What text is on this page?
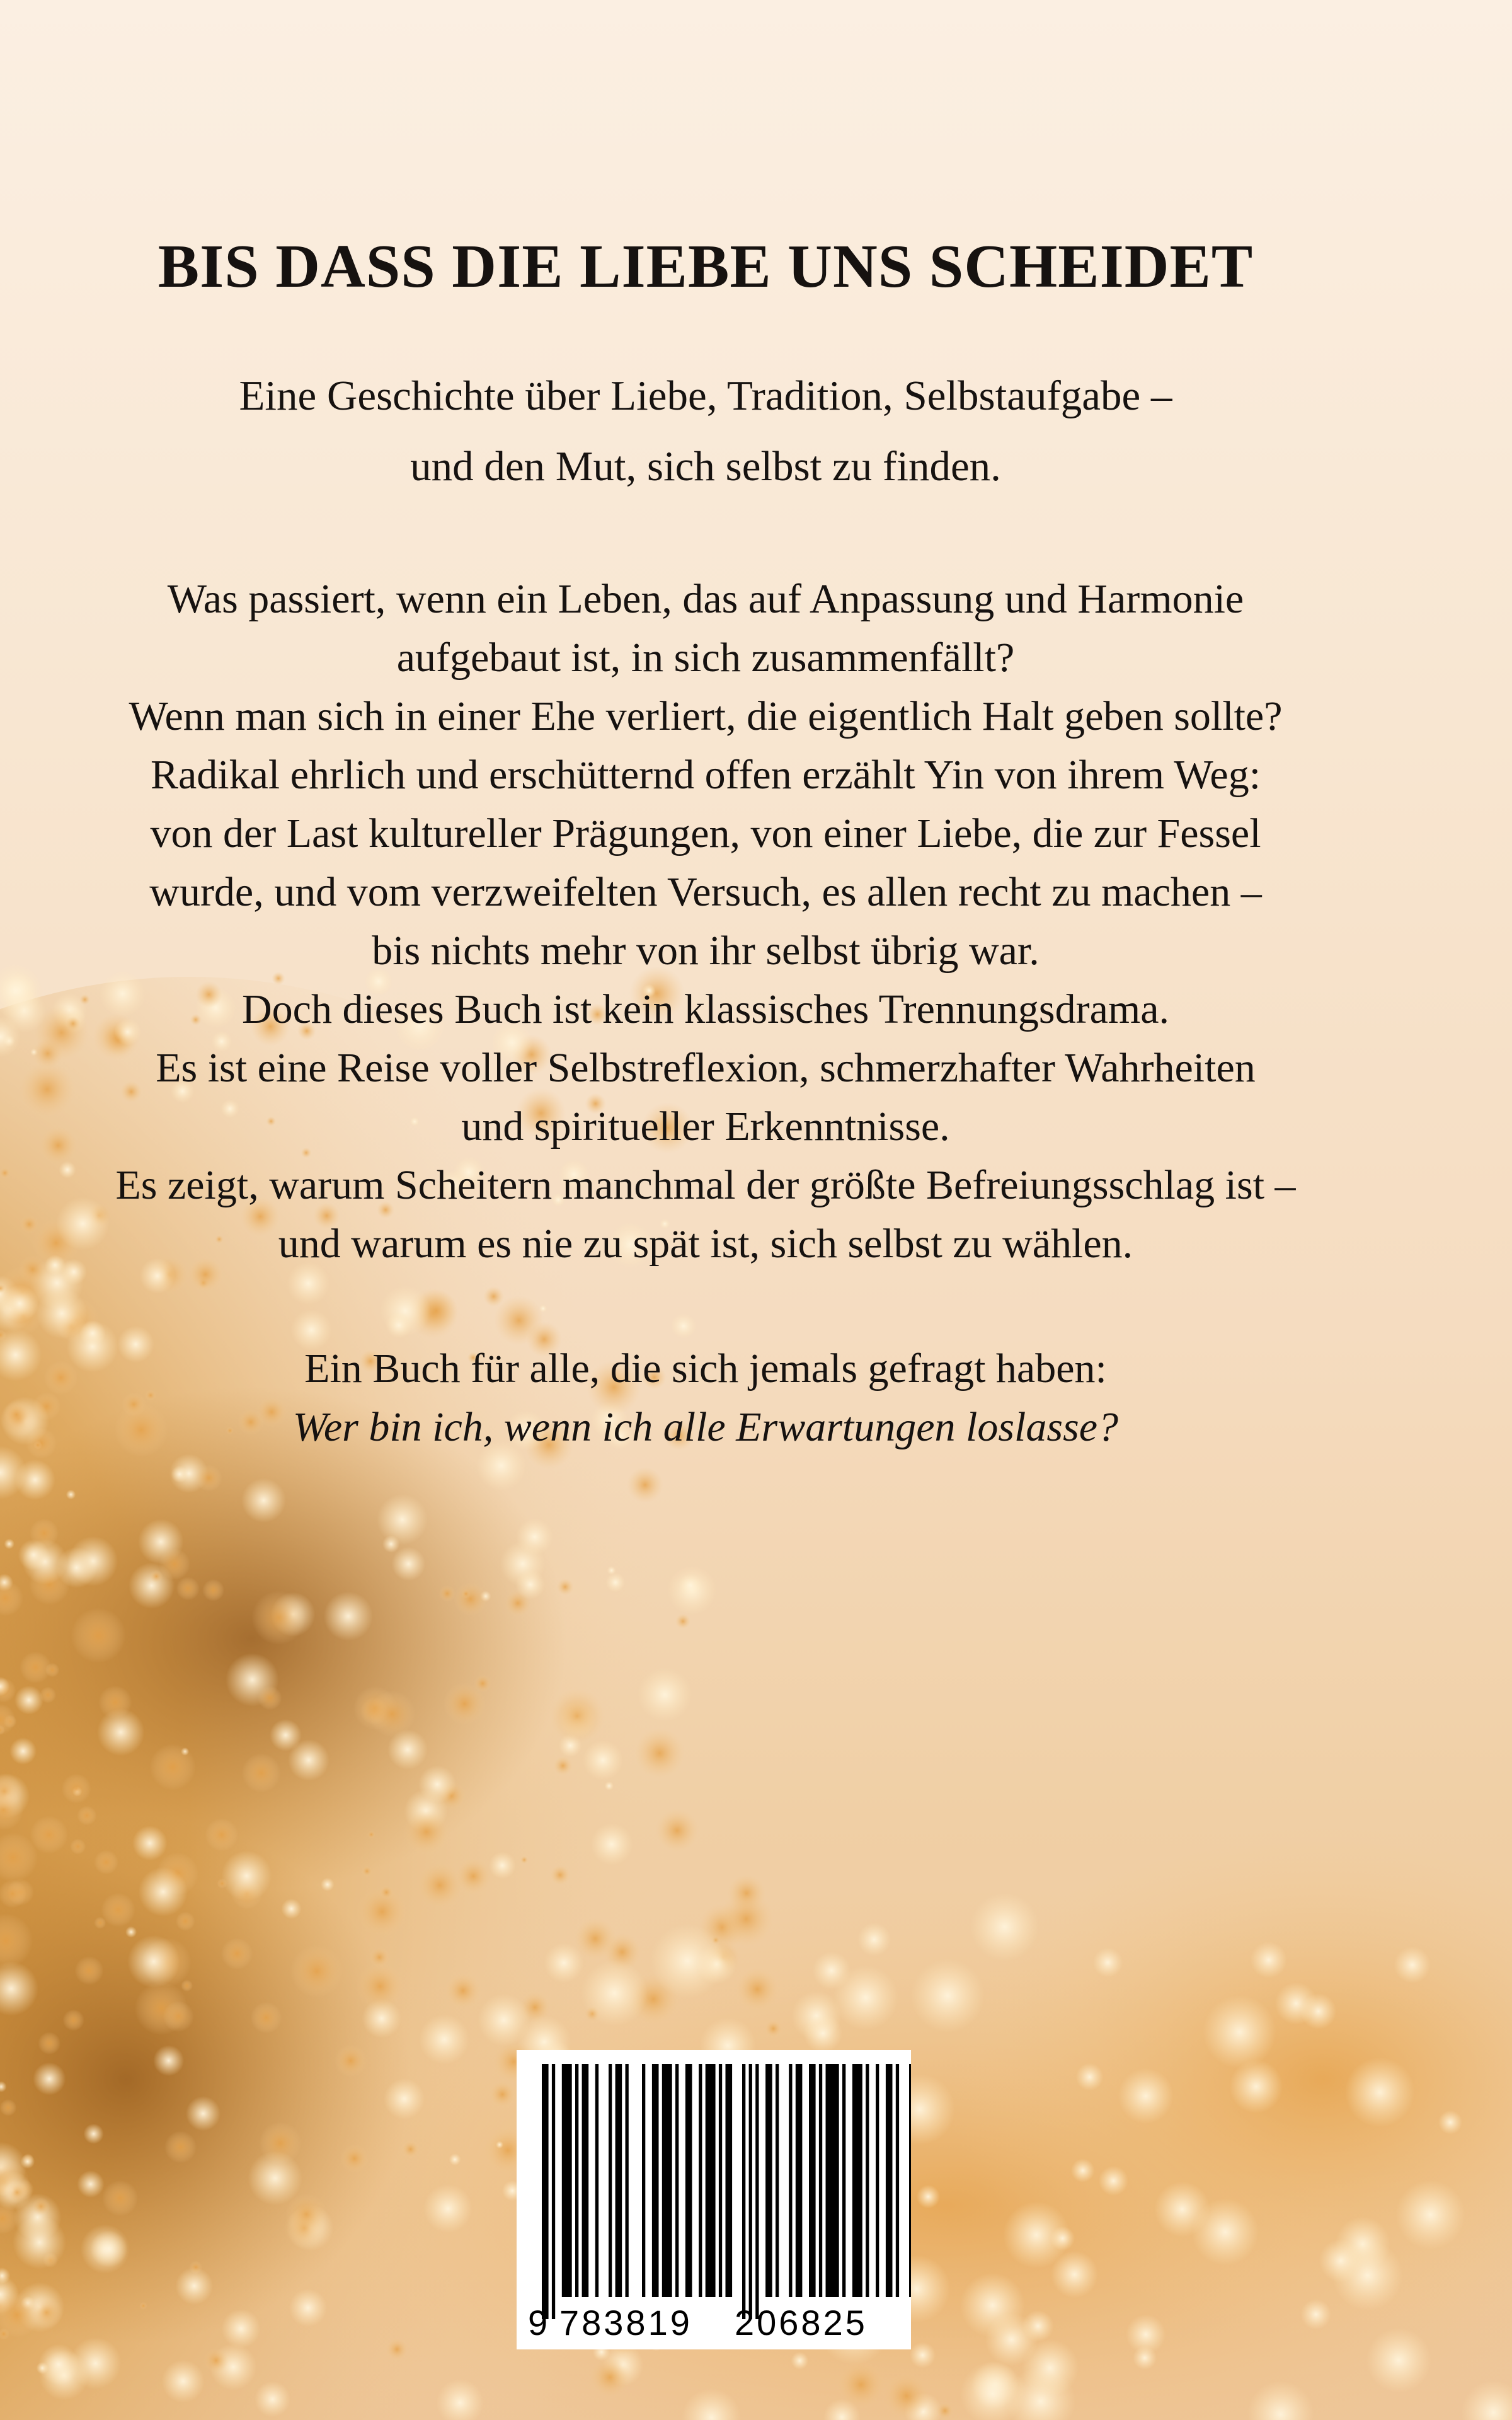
BIS DASS DIE LIEBE UNS SCHEIDET

Eine Geschichte über Liebe, Tradition, Selbstaufgabe –
und den Mut, sich selbst zu finden.

Was passiert, wenn ein Leben, das auf Anpassung und Harmonie
aufgebaut ist, in sich zusammenfällt?
Wenn man sich in einer Ehe verliert, die eigentlich Halt geben sollte?
Radikal ehrlich und erschütternd offen erzählt Yin von ihrem Weg:
von der Last kultureller Prägungen, von einer Liebe, die zur Fessel
wurde, und vom verzweifelten Versuch, es allen recht zu machen –
bis nichts mehr von ihr selbst übrig war.
Doch dieses Buch ist kein klassisches Trennungsdrama.
Es ist eine Reise voller Selbstreflexion, schmerzhafter Wahrheiten
und spiritueller Erkenntnisse.
Es zeigt, warum Scheitern manchmal der größte Befreiungsschlag ist –
und warum es nie zu spät ist, sich selbst zu wählen.

Ein Buch für alle, die sich jemals gefragt haben:
Wer bin ich, wenn ich alle Erwartungen loslasse?

9 783819 206825
